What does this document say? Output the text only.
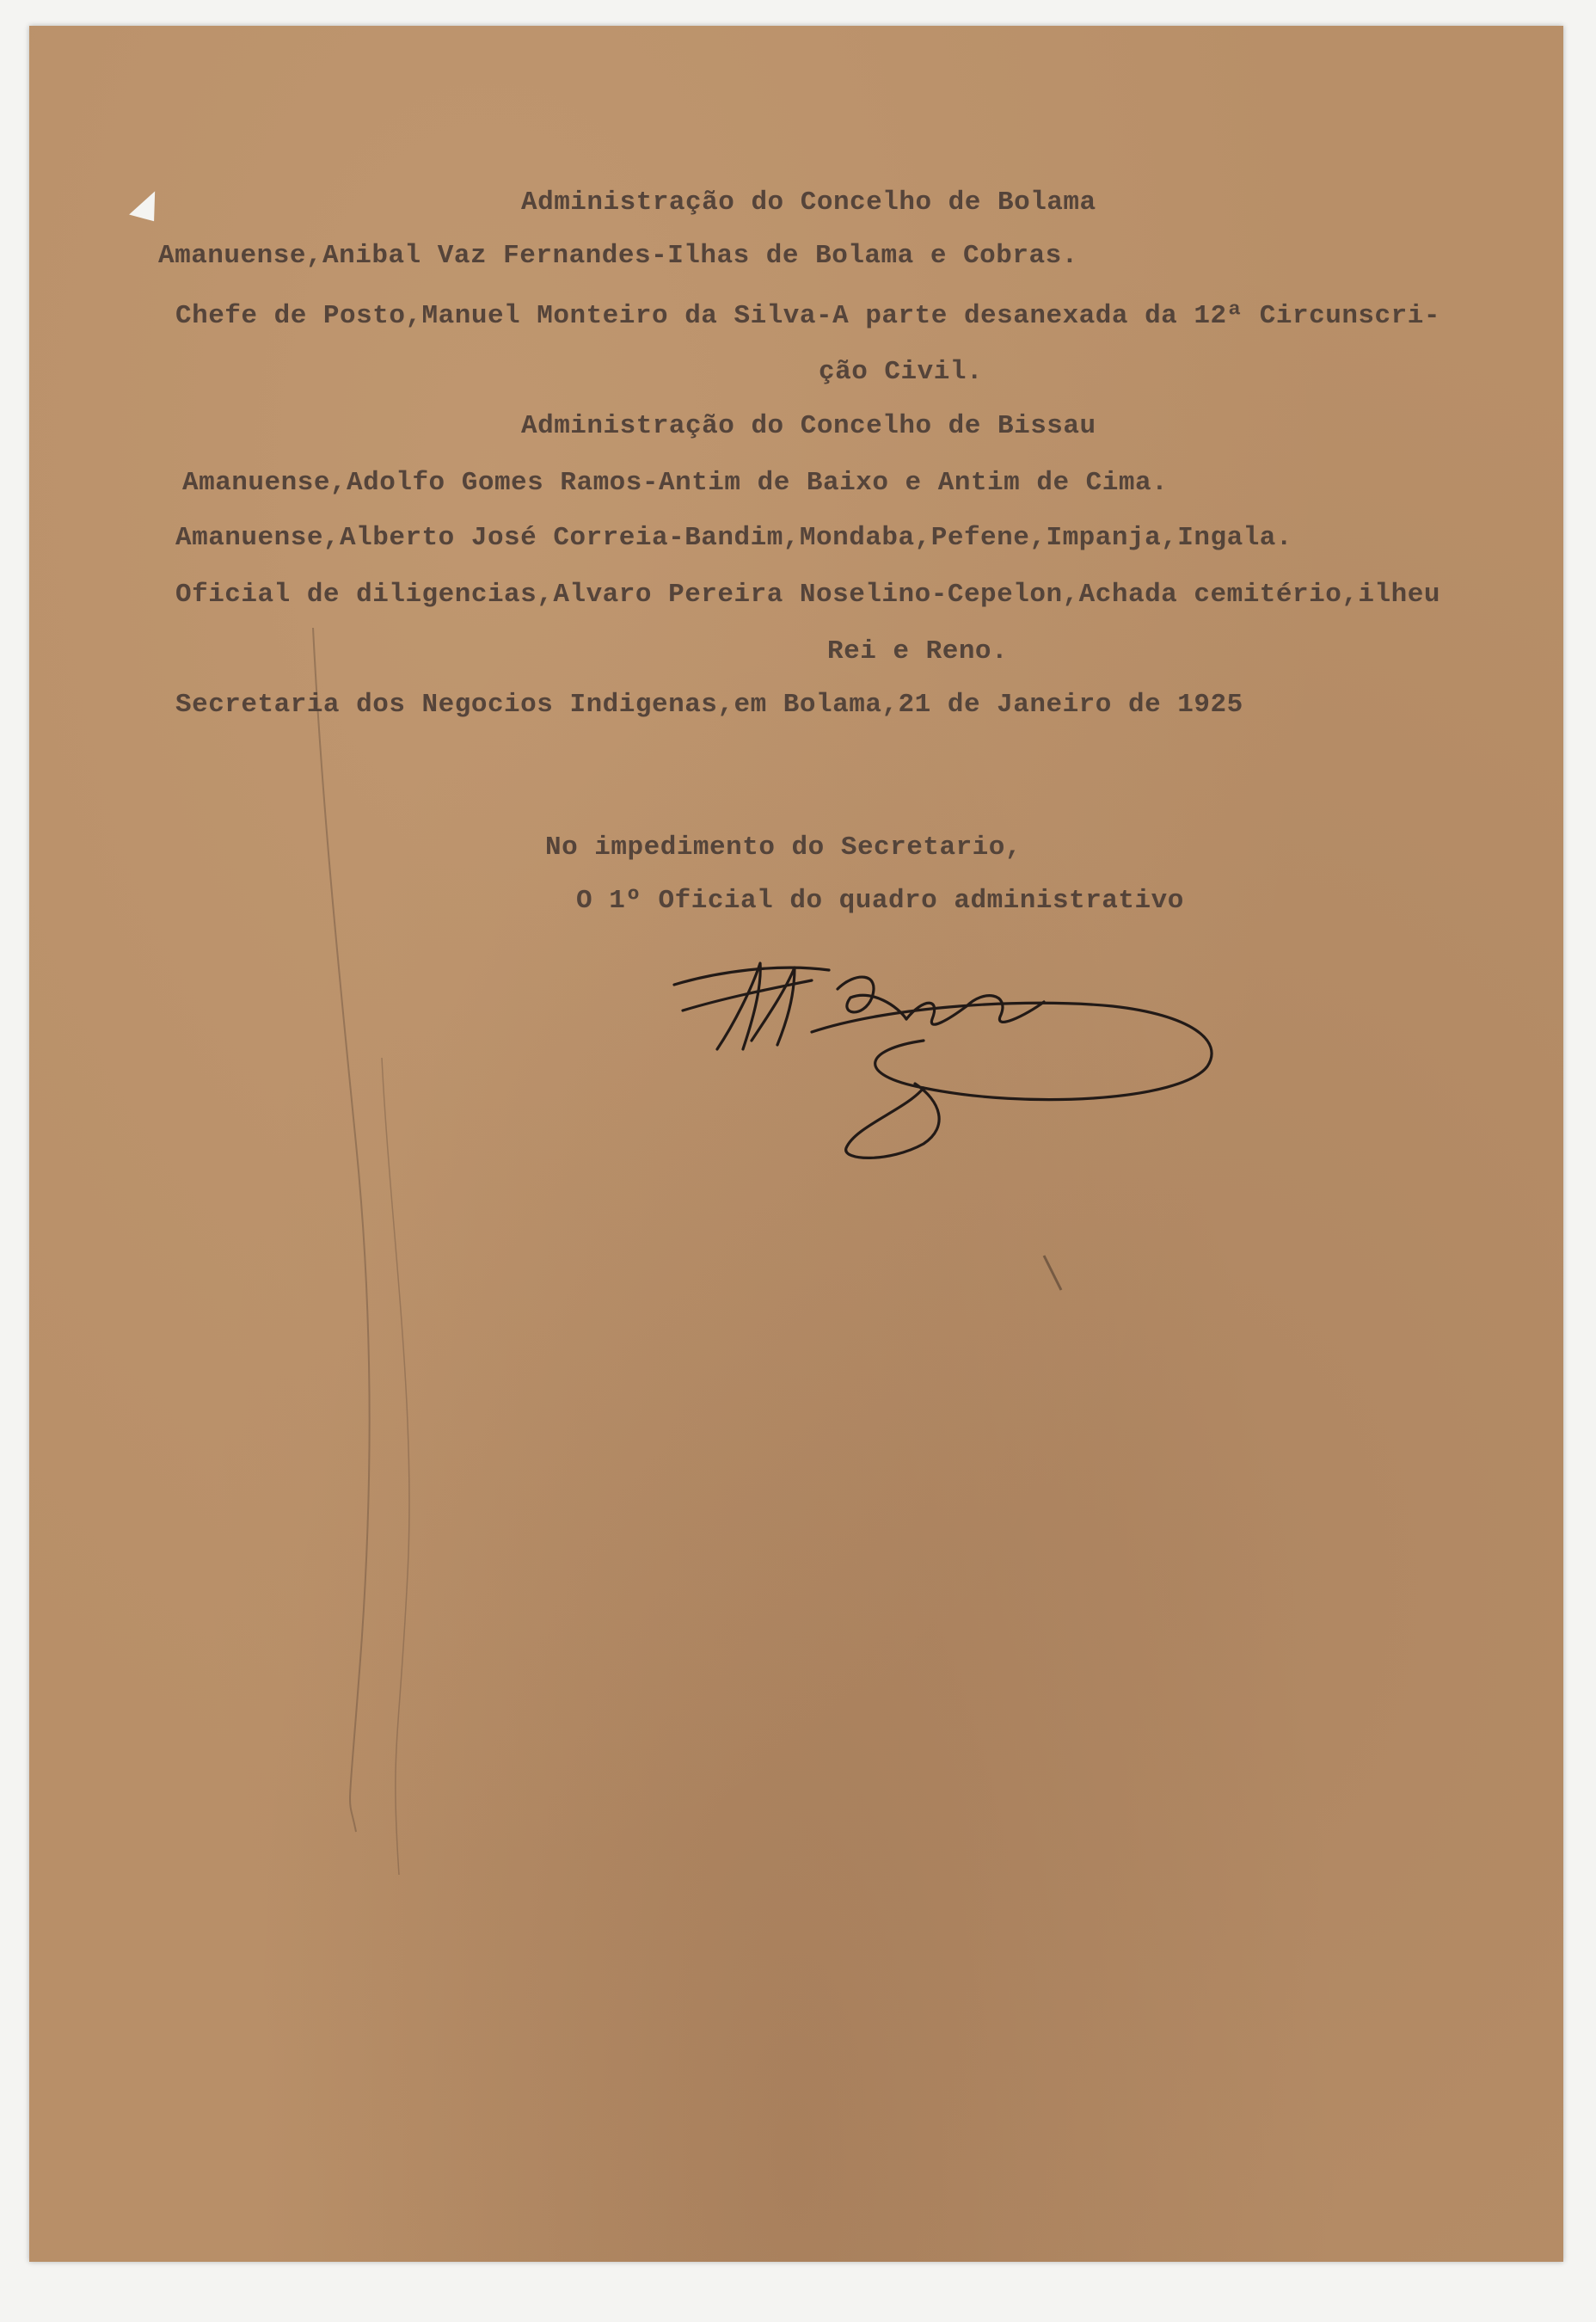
Administração do Concelho de Bolama
Amanuense,Anibal Vaz Fernandes-Ilhas de Bolama e Cobras.
Chefe de Posto,Manuel Monteiro da Silva-A parte desanexada da 12ª Circunscri-
ção Civil.
Administração do Concelho de Bissau
Amanuense,Adolfo Gomes Ramos-Antim de Baixo e Antim de Cima.
Amanuense,Alberto José Correia-Bandim,Mondaba,Pefene,Impanja,Ingala.
Oficial de diligencias,Alvaro Pereira Noselino-Cepelon,Achada cemitério,ilheu
Rei e Reno.
Secretaria dos Negocios Indigenas,em Bolama,21 de Janeiro de 1925
No impedimento do Secretario,
O 1º Oficial do quadro administrativo
